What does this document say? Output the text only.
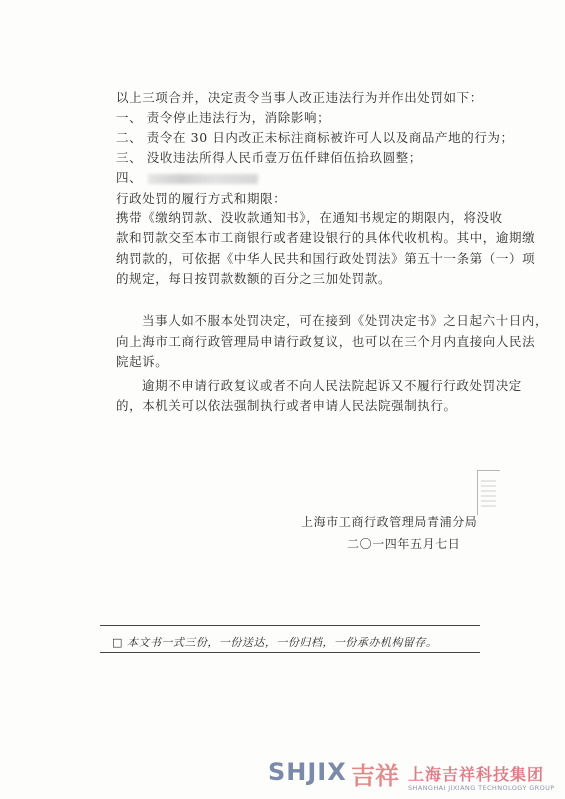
以上三项合并，决定责令当事人改正违法行为并作出处罚如下：
一、 责令停止违法行为，消除影响；
二、 责令在 30 日内改正未标注商标被许可人以及商品产地的行为；
三、 没收违法所得人民币壹万伍仟肆佰伍拾玖圆整；
四、
行政处罚的履行方式和期限：
携带《缴纳罚款、没收款通知书》，在通知书规定的期限内，将没收
款和罚款交至本市工商银行或者建设银行的具体代收机构。其中，逾期缴
纳罚款的，可依据《中华人民共和国行政处罚法》第五十一条第（一）项
的规定，每日按罚款数额的百分之三加处罚款。
当事人如不服本处罚决定，可在接到《处罚决定书》之日起六十日内，
向上海市工商行政管理局申请行政复议，也可以在三个月内直接向人民法
院起诉。
逾期不申请行政复议或者不向人民法院起诉又不履行行政处罚决定
的，本机关可以依法强制执行或者申请人民法院强制执行。
上海市工商行政管理局青浦分局
二〇一四年五月七日
□ 本文书一式三份，一份送达，一份归档，一份承办机构留存。
SHJIX 吉祥 上海吉祥科技集团
SHANGHAI JIXIANG TECHNOLOGY GROUP
